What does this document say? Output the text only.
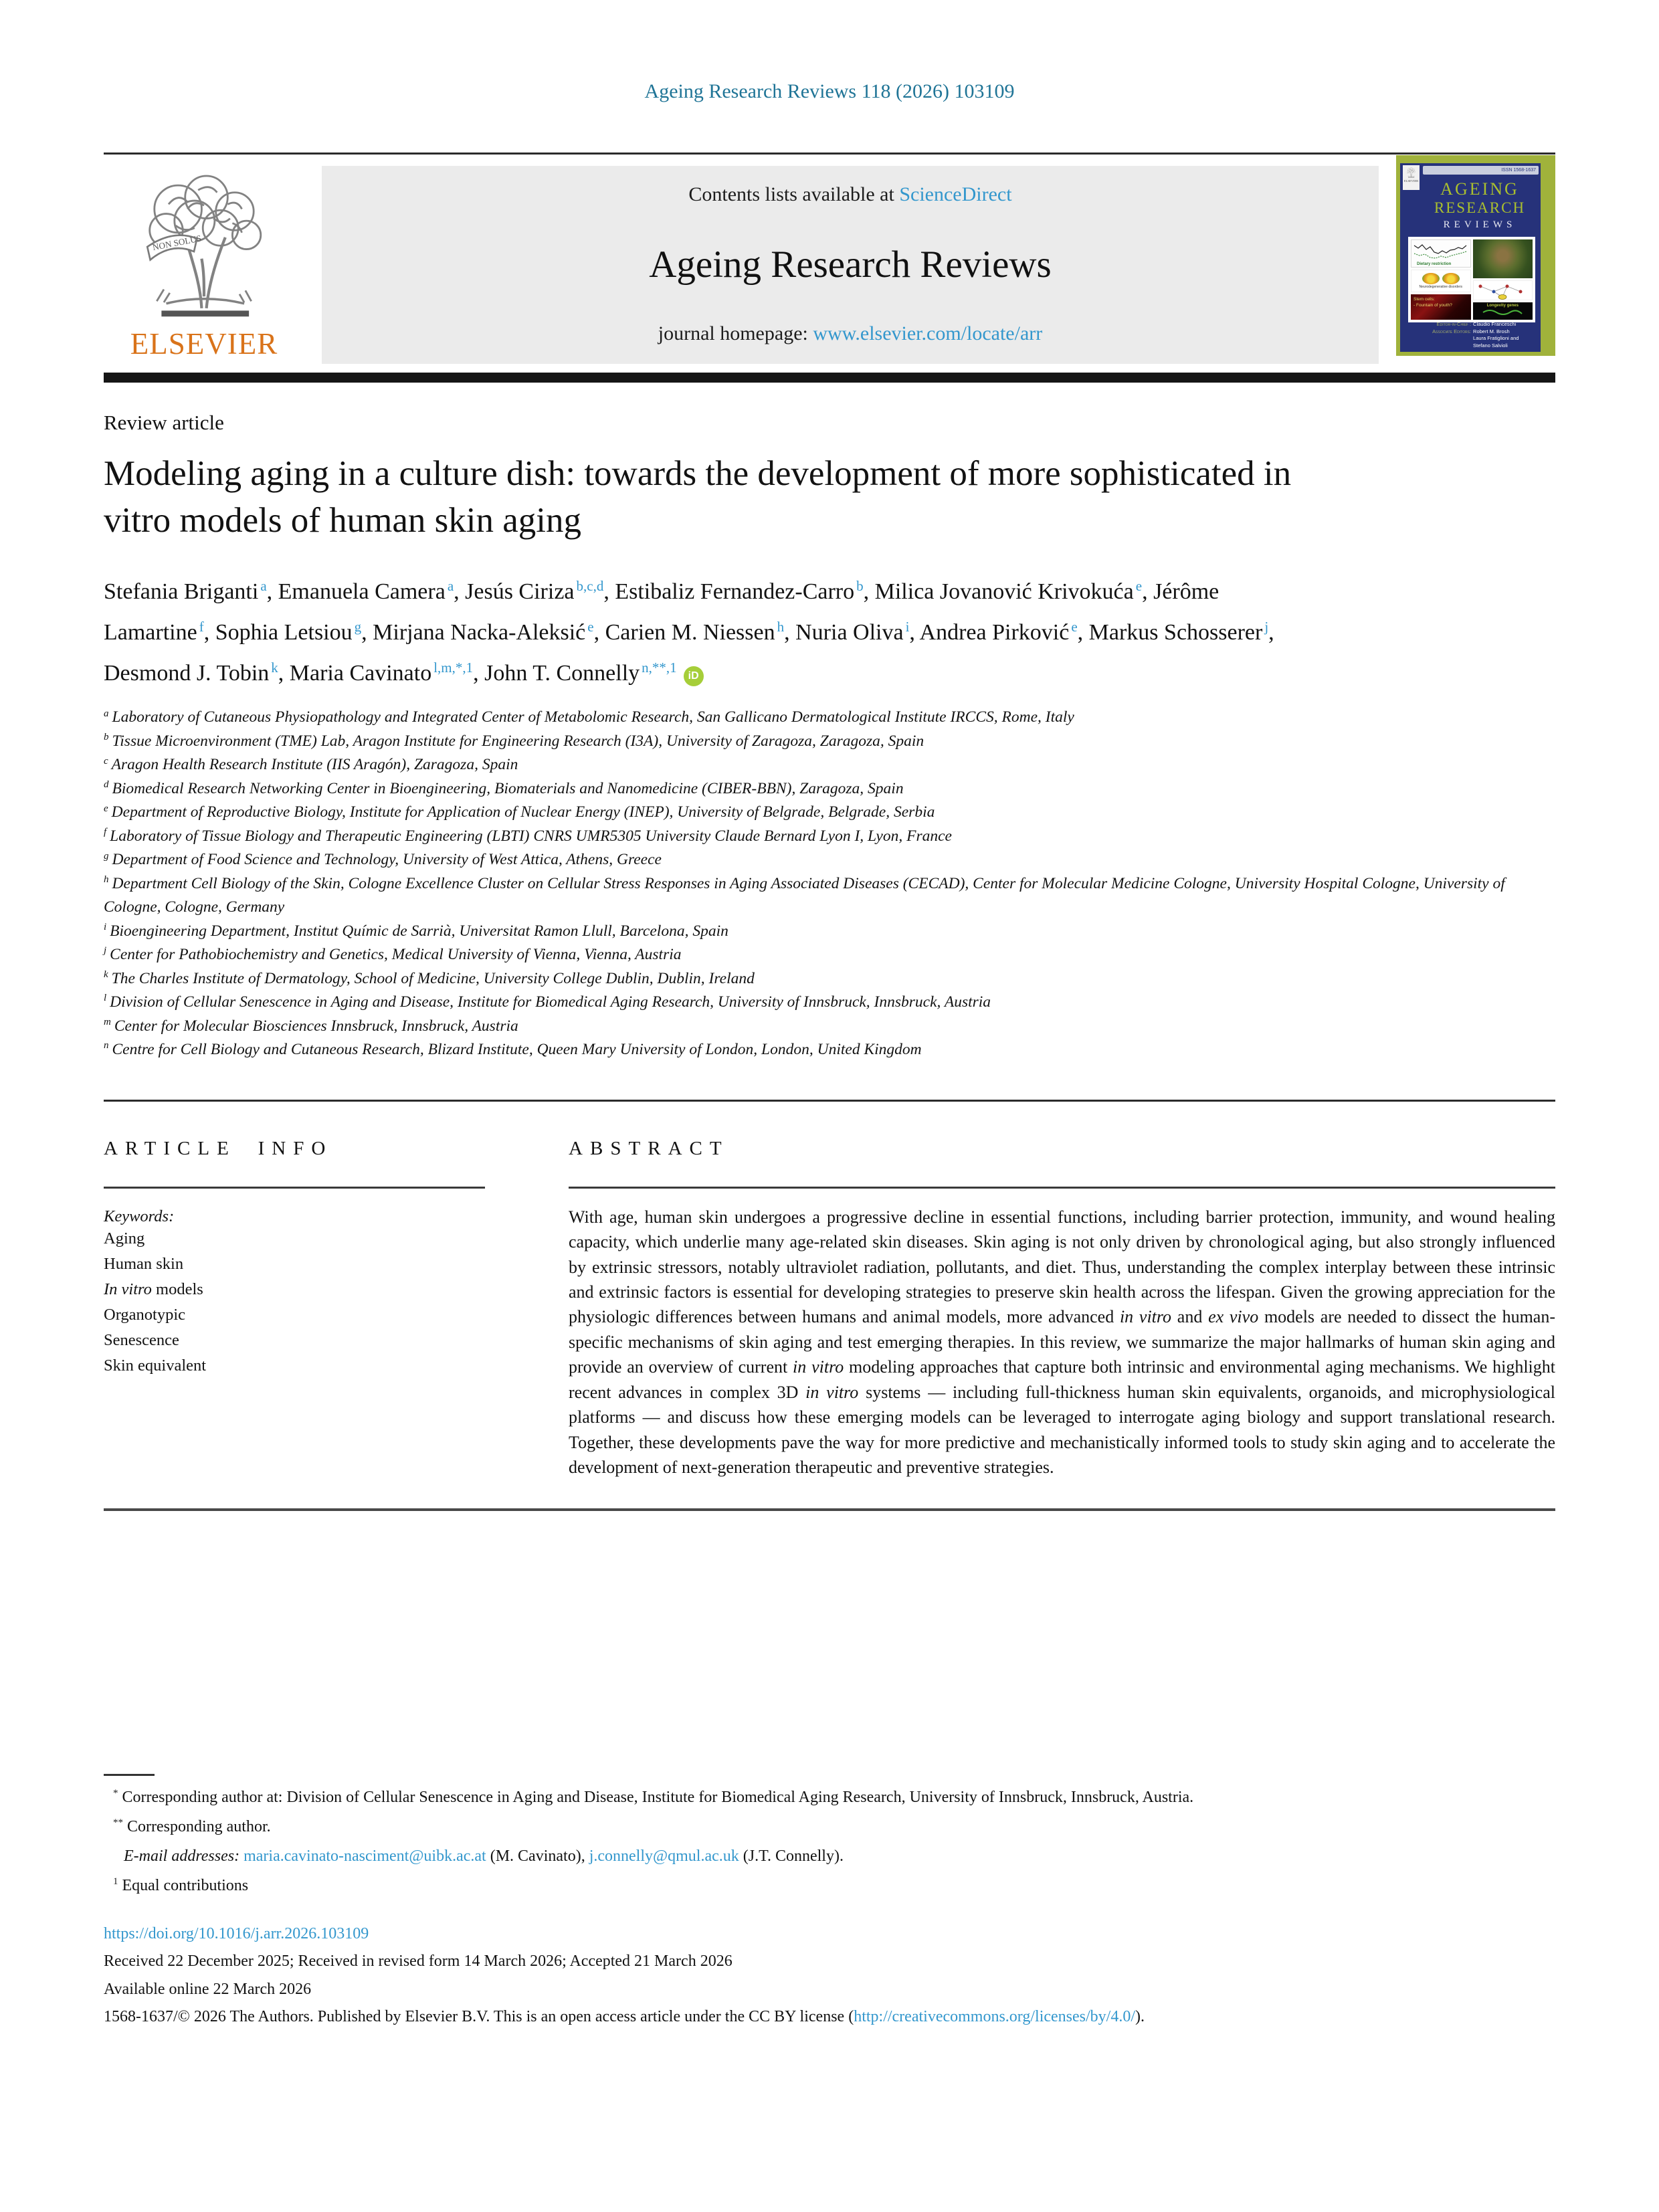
Ageing Research Reviews 118 (2026) 103109
ELSEVIER
Contents lists available at ScienceDirect
Ageing Research Reviews
journal homepage: www.elsevier.com/locate/arr
ELSEVIER
ISSN 1568-1637
AGEING
RESEARCH
REVIEWS
Dietary restriction
Neurodegenerative disorders
Stem cells:
- Fountain of youth?	Longevity genes
Editor-in-Chief : Claudio Franceschi
Associate Editors: Robert M. Brosh
Laura Fratiglioni and
Stefano Salvioli
Review article
Modeling aging in a culture dish: towards the development of more sophisticated in vitro models of human skin aging
Stefania Briganti $^a$, Emanuela Camera $^a$, Jesús Ciriza $^{b,c,d}$, Estibaliz Fernandez-Carro $^b$, Milica Jovanović Krivokuća $^e$, Jérôme Lamartine $^f$, Sophia Letsiou $^g$, Mirjana Nacka-Aleksić $^e$, Carien M. Niessen $^h$, Nuria Oliva $^i$, Andrea Pirković $^e$, Markus Schosserer $^j$, Desmond J. Tobin $^k$, Maria Cavinato $^{l,m,*,1}$, John T. Connelly $^{n,**,1}$iD

$^a$ Laboratory of Cutaneous Physiopathology and Integrated Center of Metabolomic Research, San Gallicano Dermatological Institute IRCCS, Rome, Italy

$^b$ Tissue Microenvironment (TME) Lab, Aragon Institute for Engineering Research (I3A), University of Zaragoza, Zaragoza, Spain

$^c$ Aragon Health Research Institute (IIS Aragón), Zaragoza, Spain

$^d$ Biomedical Research Networking Center in Bioengineering, Biomaterials and Nanomedicine (CIBER-BBN), Zaragoza, Spain

$^e$ Department of Reproductive Biology, Institute for Application of Nuclear Energy (INEP), University of Belgrade, Belgrade, Serbia

$^f$ Laboratory of Tissue Biology and Therapeutic Engineering (LBTI) CNRS UMR5305 University Claude Bernard Lyon I, Lyon, France

$^g$ Department of Food Science and Technology, University of West Attica, Athens, Greece

$^h$ Department Cell Biology of the Skin, Cologne Excellence Cluster on Cellular Stress Responses in Aging Associated Diseases (CECAD), Center for Molecular Medicine Cologne, University Hospital Cologne, University of Cologne, Cologne, Germany

$^i$ Bioengineering Department, Institut Químic de Sarrià, Universitat Ramon Llull, Barcelona, Spain

$^j$ Center for Pathobiochemistry and Genetics, Medical University of Vienna, Vienna, Austria

$^k$ The Charles Institute of Dermatology, School of Medicine, University College Dublin, Dublin, Ireland

$^l$ Division of Cellular Senescence in Aging and Disease, Institute for Biomedical Aging Research, University of Innsbruck, Innsbruck, Austria

$^m$ Center for Molecular Biosciences Innsbruck, Innsbruck, Austria

$^n$ Centre for Cell Biology and Cutaneous Research, Blizard Institute, Queen Mary University of London, London, United Kingdom

ARTICLE INFO
Keywords:
Aging
Human skin
In vitro models
Organotypic
Senescence
Skin equivalent
ABSTRACT
With age, human skin undergoes a progressive decline in essential functions, including barrier protection, immunity, and wound healing capacity, which underlie many age-related skin diseases. Skin aging is not only driven by chronological aging, but also strongly influenced by extrinsic stressors, notably ultraviolet radiation, pollutants, and diet. Thus, understanding the complex interplay between these intrinsic and extrinsic factors is essential for developing strategies to preserve skin health across the lifespan. Given the growing appreciation for the physiologic differences between humans and animal models, more advanced in vitro and ex vivo models are needed to dissect the human-specific mechanisms of skin aging and test emerging therapies. In this review, we summarize the major hallmarks of human skin aging and provide an overview of current in vitro modeling approaches that capture both intrinsic and environmental aging mechanisms. We highlight recent advances in complex 3D in vitro systems — including full-thickness human skin equivalents, organoids, and microphysiological platforms — and discuss how these emerging models can be leveraged to interrogate aging biology and support translational research. Together, these developments pave the way for more predictive and mechanistically informed tools to study skin aging and to accelerate the development of next-generation therapeutic and preventive strategies.

* Corresponding author at: Division of Cellular Senescence in Aging and Disease, Institute for Biomedical Aging Research, University of Innsbruck, Innsbruck, Austria.

** Corresponding author.

E-mail addresses: maria.cavinato-nasciment@uibk.ac.at (M. Cavinato), j.connelly@qmul.ac.uk (J.T. Connelly).

$^1$ Equal contributions

https://doi.org/10.1016/j.arr.2026.103109
Received 22 December 2025; Received in revised form 14 March 2026; Accepted 21 March 2026
Available online 22 March 2026
1568-1637/© 2026 The Authors. Published by Elsevier B.V. This is an open access article under the CC BY license (http://creativecommons.org/licenses/by/4.0/).
